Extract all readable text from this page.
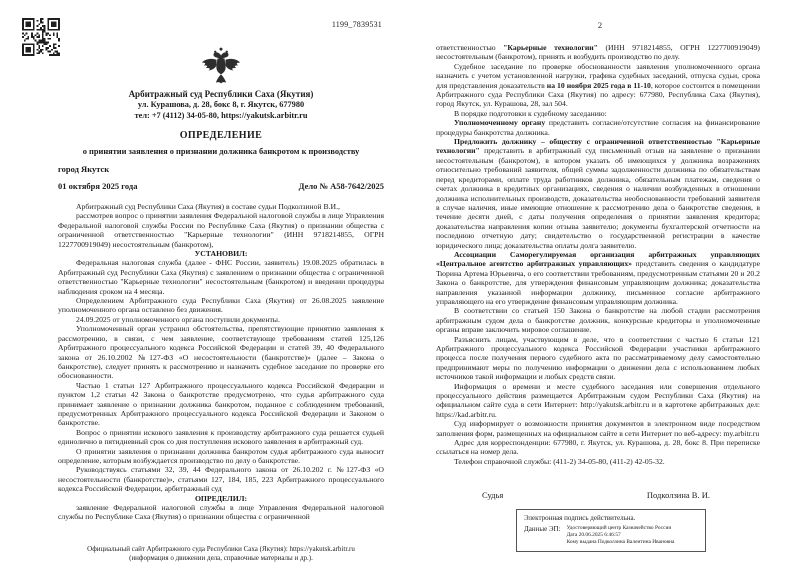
1199_7839531
Арбитражный суд Республики Саха (Якутия)
ул. Курашова, д. 28, бокс 8, г. Якутск, 677980
тел: +7 (4112) 34-05-80, https://yakutsk.arbitr.ru
ОПРЕДЕЛЕНИЕ
о принятии заявления о признании должника банкротом к производству
город Якутск
01 октября 2025 года	Дело № А58-7642/2025

Арбитражный суд Республики Саха (Якутия) в составе судьи Подколзиной В.И.,

рассмотрев вопрос о принятии заявления Федеральной налоговой службы в лице Управления Федеральной налоговой службы России по Республике Саха (Якутия) о признании общества с ограниченной ответственностью "Карьерные технологии" (ИНН 9718214855, ОГРН 1227700919049) несостоятельным (банкротом),

УСТАНОВИЛ:

Федеральная налоговая служба (далее - ФНС России, заявитель) 19.08.2025 обратилась в Арбитражный суд Республики Саха (Якутия) с заявлением о признании общества с ограниченной ответственностью "Карьерные технологии" несостоятельным (банкротом) и введении процедуры наблюдения сроком на 4 месяца.

Определением Арбитражного суда Республики Саха (Якутия) от 26.08.2025 заявление уполномоченного органа оставлено без движения.

24.09.2025 от уполномоченного органа поступили документы.

Уполномоченный орган устранил обстоятельства, препятствующие принятию заявления к рассмотрению, в связи, с чем заявление, соответствующе требованиям статей 125,126 Арбитражного процессуального кодекса Российской Федерации и статей 39, 40 Федерального закона от 26.10.2002 №127-ФЗ «О несостоятельности (банкротстве)» (далее – Закона о банкротстве), следует принять к рассмотрению и назначить судебное заседание по проверке его обоснованности.

Частью 1 статьи 127 Арбитражного процессуального кодекса Российской Федерации и пунктом 1,2 статьи 42 Закона о банкротстве предусмотрено, что судья арбитражного суда принимает заявление о признании должника банкротом, поданное с соблюдением требований, предусмотренных Арбитражного процессуального кодекса Российской Федерации и Законом о банкротстве.

Вопрос о принятии искового заявления к производству арбитражного суда решается судьей единолично в пятидневный срок со дня поступления искового заявления в арбитражный суд.

О принятии заявления о признании должника банкротом судья арбитражного суда выносит определение, которым возбуждается производство по делу о банкротстве.

Руководствуясь статьями 32, 39, 44 Федерального закона от 26.10.202 г. №127-ФЗ «О несостоятельности (банкротстве)», статьями 127, 184, 185, 223 Арбитражного процессуального кодекса Российской Федерации, арбитражный суд

ОПРЕДЕЛИЛ:

заявление Федеральной налоговой службы в лице Управления Федеральной налоговой службы по Республике Саха (Якутия) о признании общества с ограниченной

Официальный сайт Арбитражного суда Республики Саха (Якутия): https://yakutsk.arbitr.ru
(информация о движении дела, справочные материалы и др.).
2

ответственностью "Карьерные технологии" (ИНН 9718214855, ОГРН 1227700919049) несостоятельным (банкротом), принять и возбудить производство по делу.

Судебное заседание по проверке обоснованности заявления уполномоченного органа назначить с учетом установленной нагрузки, графика судебных заседаний, отпуска судьи, срока для представления доказательств на 10 ноября 2025 года в 11-10, которое состоится в помещении Арбитражного суда Республики Саха (Якутия) по адресу: 677980, Республика Саха (Якутия), город Якутск, ул. Курашова, 28, зал 504.

В порядке подготовки к судебному заседанию:

Уполномоченному органу представить согласие/отсутствие согласия на финансирование процедуры банкротства должника.

Предложить должнику – обществу с ограниченной ответственностью "Карьерные технологии" представить в арбитражный суд письменный отзыв на заявление о признании несостоятельным (банкротом), в котором указать об имеющихся у должника возражениях относительно требований заявителя, общей суммы задолженности должника по обязательствам перед кредиторами, оплате труда работников должника, обязательным платежам, сведения о счетах должника в кредитных организациях, сведения о наличии возбужденных в отношении должника исполнительных производств, доказательства необоснованности требований заявителя в случае наличия, иные имеющие отношение к рассмотрению дела о банкротстве сведения, в течение десяти дней, с даты получения определения о принятии заявления кредитора; доказательства направления копии отзыва заявителю; документы бухгалтерской отчетности на последнюю отчетную дату; свидетельство о государственной регистрации в качестве юридического лица; доказательства оплаты долга заявителю.

Ассоциации Саморегулируемая организация арбитражных управляющих «Центральное агентство арбитражных управляющих» представить сведения о кандидатуре Тюрина Артема Юрьевича, о его соответствии требованиям, предусмотренным статьями 20 и 20.2 Закона о банкротстве, для утверждения финансовым управляющим должника; доказательства направления указанной информации должнику, письменное согласие арбитражного управляющего на его утверждение финансовым управляющим должника.

В соответствии со статьей 150 Закона о банкротстве на любой стадии рассмотрения арбитражным судом дела о банкротстве должник, конкурсные кредиторы и уполномоченные органы вправе заключить мировое соглашение.

Разъяснить лицам, участвующим в деле, что в соответствии с частью 6 статьи 121 Арбитражного процессуального кодекса Российской Федерации участники арбитражного процесса после получения первого судебного акта по рассматриваемому делу самостоятельно предпринимают меры по получению информации о движении дела с использованием любых источников такой информации и любых средств связи.

Информация о времени и месте судебного заседания или совершения отдельного процессуального действия размещается Арбитражным судом Республики Саха (Якутия) на официальном сайте суда в сети Интернет: http://yakutsk.arbitr.ru и в картотеке арбитражных дел: https://kad.arbitr.ru.

Суд информирует о возможности принятия документов в электронном виде посредством заполнения форм, размещенных на официальном сайте в сети Интернет по веб-адресу: my.arbitr.ru

Адрес для корреспонденции: 677980, г. Якутск, ул. Курашова, д. 28, бокс 8. При переписке ссылаться на номер дела.

Телефон справочной службы: (411-2) 34-05-80, (411-2) 42-05-32.

Судья	Подколзина В. И.
Электронная подпись действительна.
Данные ЭП: Удостоверяющий центр Казначейство России
Дата 20.06.2025 6:46:57
Кому выдана Подколзина Валентина Ивановна
